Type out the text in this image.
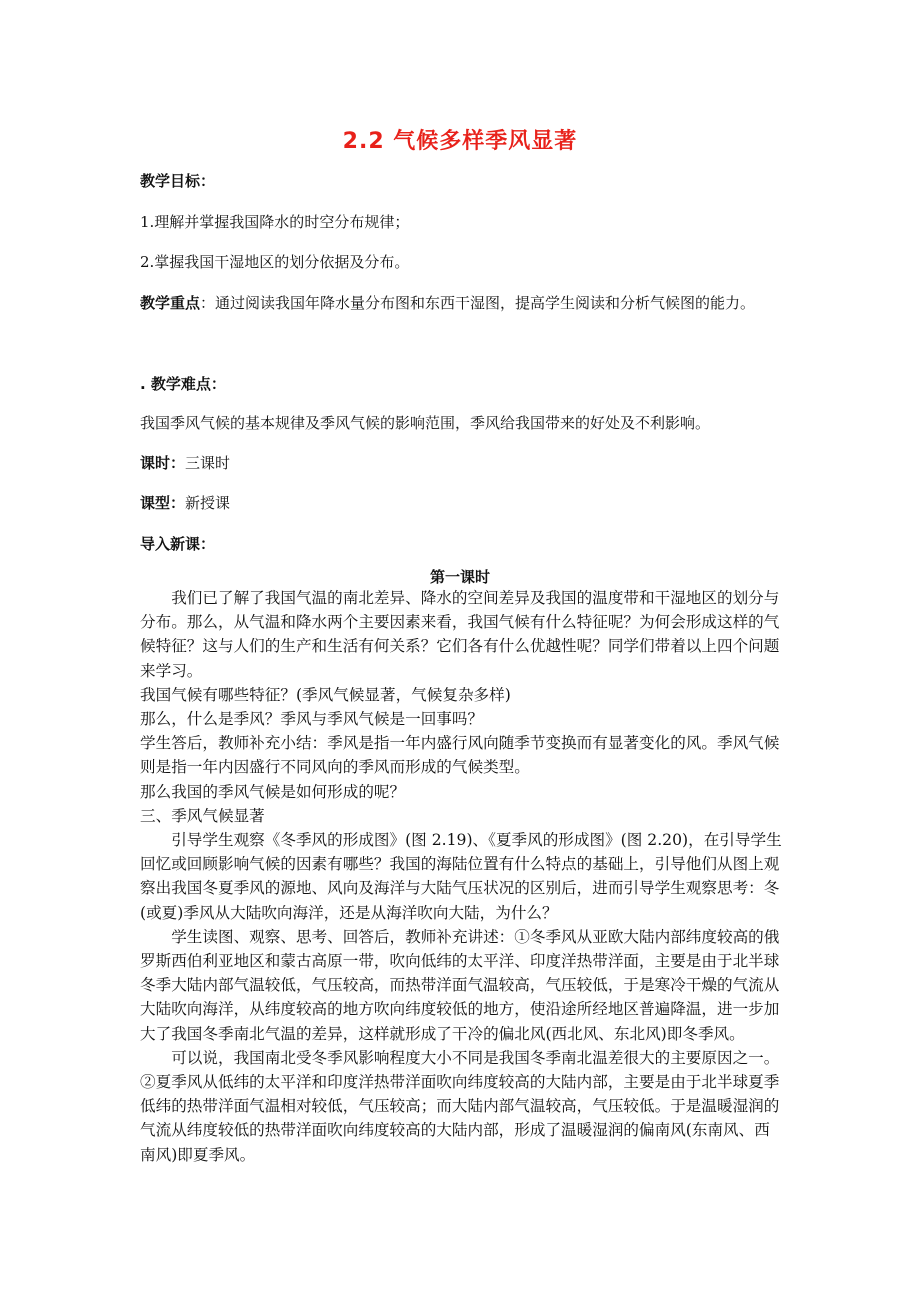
2.2 气候多样季风显著
教学目标：
1.理解并掌握我国降水的时空分布规律；
2.掌握我国干湿地区的划分依据及分布。
教学重点：通过阅读我国年降水量分布图和东西干湿图，提高学生阅读和分析气候图的能力。
. 教学难点：
我国季风气候的基本规律及季风气候的影响范围，季风给我国带来的好处及不利影响。
课时：三课时
课型：新授课
导入新课：
第一课时

我们已了解了我国气温的南北差异、降水的空间差异及我国的温度带和干湿地区的划分与分布。那么，从气温和降水两个主要因素来看，我国气候有什么特征呢？为何会形成这样的气候特征？这与人们的生产和生活有何关系？它们各有什么优越性呢？同学们带着以上四个问题来学习。

我国气候有哪些特征？(季风气候显著，气候复杂多样)

那么，什么是季风？季风与季风气候是一回事吗？

学生答后，教师补充小结：季风是指一年内盛行风向随季节变换而有显著变化的风。季风气候则是指一年内因盛行不同风向的季风而形成的气候类型。

那么我国的季风气候是如何形成的呢？

三、季风气候显著

引导学生观察《冬季风的形成图》(图 2.19)、《夏季风的形成图》(图 2.20)，在引导学生回忆或回顾影响气候的因素有哪些？我国的海陆位置有什么特点的基础上，引导他们从图上观察出我国冬夏季风的源地、风向及海洋与大陆气压状况的区别后，进而引导学生观察思考：冬(或夏)季风从大陆吹向海洋，还是从海洋吹向大陆，为什么？

学生读图、观察、思考、回答后，教师补充讲述：①冬季风从亚欧大陆内部纬度较高的俄罗斯西伯利亚地区和蒙古高原一带，吹向低纬的太平洋、印度洋热带洋面，主要是由于北半球冬季大陆内部气温较低，气压较高，而热带洋面气温较高，气压较低，于是寒冷干燥的气流从大陆吹向海洋，从纬度较高的地方吹向纬度较低的地方，使沿途所经地区普遍降温，进一步加大了我国冬季南北气温的差异，这样就形成了干冷的偏北风(西北风、东北风)即冬季风。

可以说，我国南北受冬季风影响程度大小不同是我国冬季南北温差很大的主要原因之一。②夏季风从低纬的太平洋和印度洋热带洋面吹向纬度较高的大陆内部，主要是由于北半球夏季低纬的热带洋面气温相对较低，气压较高；而大陆内部气温较高，气压较低。于是温暖湿润的气流从纬度较低的热带洋面吹向纬度较高的大陆内部，形成了温暖湿润的偏南风(东南风、西南风)即夏季风。
